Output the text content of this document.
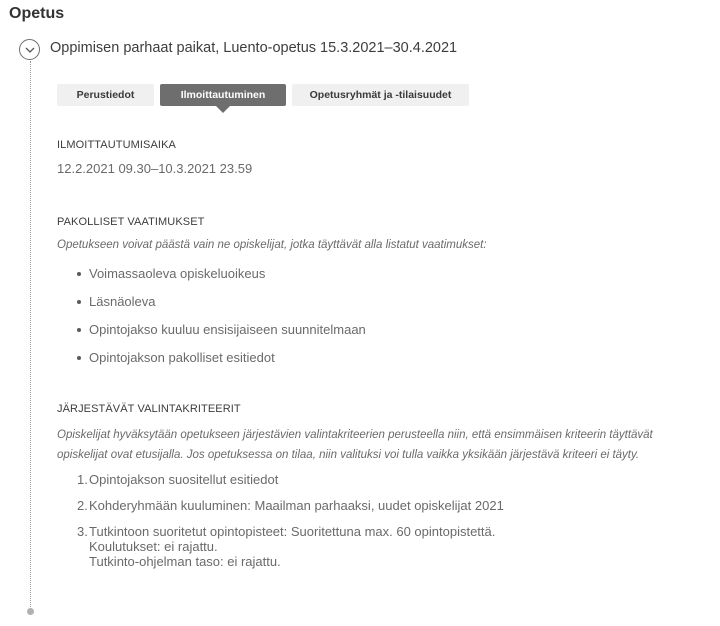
Opetus
Oppimisen parhaat paikat, Luento-opetus 15.3.2021–30.4.2021
Perustiedot	Ilmoittautuminen	Opetusryhmät ja -tilaisuudet
ILMOITTAUTUMISAIKA
12.2.2021 09.30–10.3.2021 23.59
PAKOLLISET VAATIMUKSET
Opetukseen voivat päästä vain ne opiskelijat, jotka täyttävät alla listatut vaatimukset:
Voimassaoleva opiskeluoikeus
Läsnäoleva
Opintojakso kuuluu ensisijaiseen suunnitelmaan
Opintojakson pakolliset esitiedot
JÄRJESTÄVÄT VALINTAKRITEERIT
Opiskelijat hyväksytään opetukseen järjestävien valintakriteerien perusteella niin, että ensimmäisen kriteerin täyttävät
opiskelijat ovat etusijalla. Jos opetuksessa on tilaa, niin valituksi voi tulla vaikka yksikään järjestävä kriteeri ei täyty.
1. Opintojakson suositellut esitiedot
2. Kohderyhmään kuuluminen: Maailman parhaaksi, uudet opiskelijat 2021
3. Tutkintoon suoritetut opintopisteet: Suoritettuna max. 60 opintopistettä.
Koulutukset: ei rajattu.
Tutkinto-ohjelman taso: ei rajattu.
